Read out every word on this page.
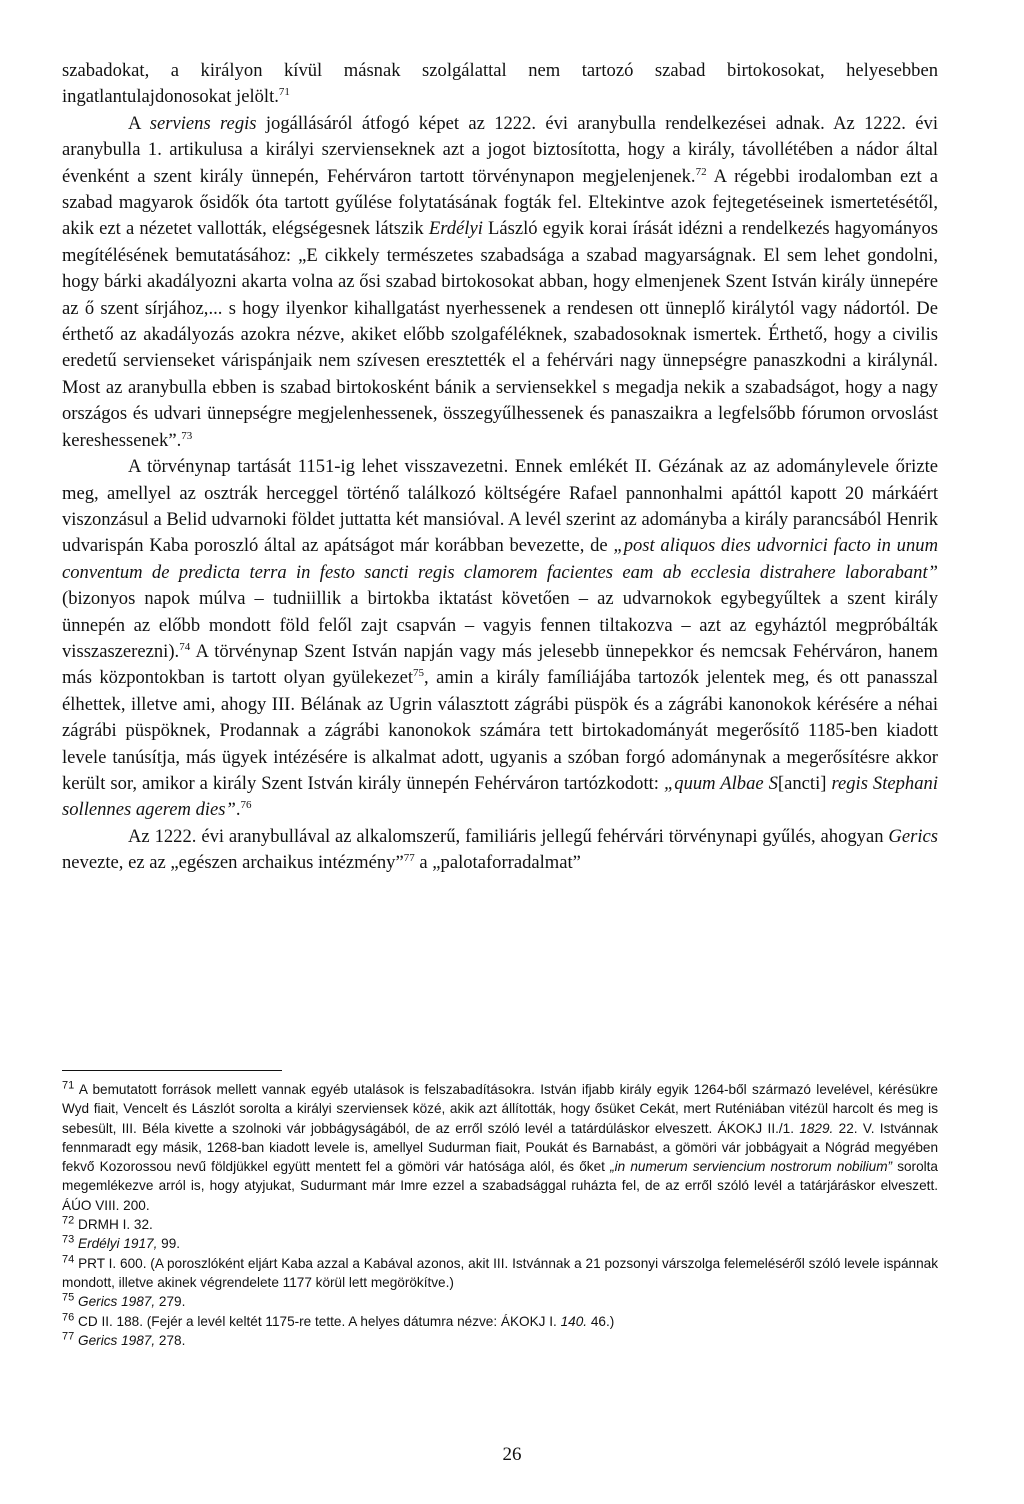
szabadokat, a királyon kívül másnak szolgálattal nem tartozó szabad birtokosokat, helyesebben ingatlantulajdonosokat jelölt.$^{71}$

A serviens regis jogállásáról átfogó képet az 1222. évi aranybulla rendelkezései adnak. Az 1222. évi aranybulla 1. artikulusa a királyi szervienseknek azt a jogot biztosította, hogy a király, távollétében a nádor által évenként a szent király ünnepén, Fehérváron tartott törvénynapon megjelenjenek.$^{72}$ A régebbi irodalomban ezt a szabad magyarok ősidők óta tartott gyűlése folytatásának fogták fel. Eltekintve azok fejtegetéseinek ismertetésétől, akik ezt a nézetet vallották, elégségesnek látszik Erdélyi László egyik korai írását idézni a rendelkezés hagyományos megítélésének bemutatásához: „E cikkely természetes szabadsága a szabad magyarságnak. El sem lehet gondolni, hogy bárki akadályozni akarta volna az ősi szabad birtokosokat abban, hogy elmenjenek Szent István király ünnepére az ő szent sírjához,... s hogy ilyenkor kihallgatást nyerhessenek a rendesen ott ünneplő királytól vagy nádortól. De érthető az akadályozás azokra nézve, akiket előbb szolgaféléknek, szabadosoknak ismertek. Érthető, hogy a civilis eredetű servienseket várispánjaik nem szívesen eresztették el a fehérvári nagy ünnepségre panaszkodni a királynál. Most az aranybulla ebben is szabad birtokosként bánik a serviensekkel s megadja nekik a szabadságot, hogy a nagy országos és udvari ünnepségre megjelenhessenek, összegyűlhessenek és panaszaikra a legfelsőbb fórumon orvoslást kereshessenek”.$^{73}$

A törvénynap tartását 1151-ig lehet visszavezetni. Ennek emlékét II. Gézának az az adománylevele őrizte meg, amellyel az osztrák herceggel történő találkozó költségére Rafael pannonhalmi apáttól kapott 20 márkáért viszonzásul a Belid udvarnoki földet juttatta két mansióval. A levél szerint az adományba a király parancsából Henrik udvarispán Kaba poroszló által az apátságot már korábban bevezette, de „post aliquos dies udvornici facto in unum conventum de predicta terra in festo sancti regis clamorem facientes eam ab ecclesia distrahere laborabant” (bizonyos napok múlva – tudniillik a birtokba iktatást követően – az udvarnokok egybegyűltek a szent király ünnepén az előbb mondott föld felől zajt csapván – vagyis fennen tiltakozva – azt az egyháztól megpróbálták visszaszerezni).$^{74}$ A törvénynap Szent István napján vagy más jelesebb ünnepekkor és nemcsak Fehérváron, hanem más központokban is tartott olyan gyülekezet$^{75}$, amin a király famíliájába tartozók jelentek meg, és ott panasszal élhettek, illetve ami, ahogy III. Bélának az Ugrin választott zágrábi püspök és a zágrábi kanonokok kérésére a néhai zágrábi püspöknek, Prodannak a zágrábi kanonokok számára tett birtokadományát megerősítő 1185-ben kiadott levele tanúsítja, más ügyek intézésére is alkalmat adott, ugyanis a szóban forgó adománynak a megerősítésre akkor került sor, amikor a király Szent István király ünnepén Fehérváron tartózkodott: „quum Albae S[ancti] regis Stephani sollennes agerem dies”.$^{76}$

Az 1222. évi aranybullával az alkalomszerű, familiáris jellegű fehérvári törvénynapi gyűlés, ahogyan Gerics nevezte, ez az „egészen archaikus intézmény”$^{77}$ a „palotaforradalmat”

$^{71}$ A bemutatott források mellett vannak egyéb utalások is felszabadításokra. István ifjabb király egyik 1264-ből származó levelével, kérésükre Wyd fiait, Vencelt és Lászlót sorolta a királyi szerviensek közé, akik azt állították, hogy ősüket Cekát, mert Ruténiában vitézül harcolt és meg is sebesült, III. Béla kivette a szolnoki vár jobbágyságából, de az erről szóló levél a tatárdúláskor elveszett. ÁKOKJ II./1. 1829. 22. V. Istvánnak fennmaradt egy másik, 1268-ban kiadott levele is, amellyel Sudurman fiait, Poukát és Barnabást, a gömöri vár jobbágyait a Nógrád megyében fekvő Kozorossou nevű földjükkel együtt mentett fel a gömöri vár hatósága alól, és őket „in numerum serviencium nostrorum nobilium” sorolta megemlékezve arról is, hogy atyjukat, Sudurmant már Imre ezzel a szabadsággal ruházta fel, de az erről szóló levél a tatárjáráskor elveszett. ÁÚO VIII. 200.

$^{72}$ DRMH I. 32.

$^{73}$ Erdélyi 1917, 99.

$^{74}$ PRT I. 600. (A poroszlóként eljárt Kaba azzal a Kabával azonos, akit III. Istvánnak a 21 pozsonyi várszolga felemeléséről szóló levele ispánnak mondott, illetve akinek végrendelete 1177 körül lett megörökítve.)

$^{75}$ Gerics 1987, 279.

$^{76}$ CD II. 188. (Fejér a levél keltét 1175-re tette. A helyes dátumra nézve: ÁKOKJ I. 140. 46.)

$^{77}$ Gerics 1987, 278.

26
